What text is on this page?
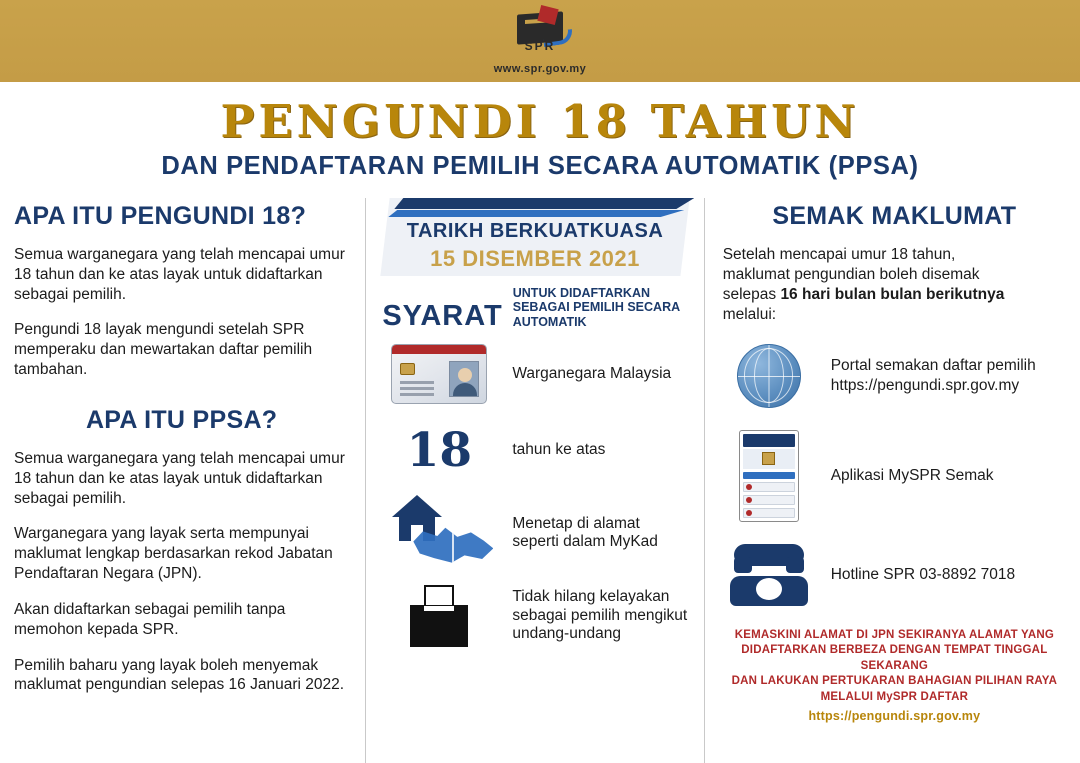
SPR
www.spr.gov.my
PENGUNDI 18 TAHUN
DAN PENDAFTARAN PEMILIH SECARA AUTOMATIK (PPSA)
APA ITU PENGUNDI 18?

Semua warganegara yang telah mencapai umur 18 tahun dan ke atas layak untuk didaftarkan sebagai pemilih.

Pengundi 18 layak mengundi setelah SPR memperaku dan mewartakan daftar pemilih tambahan.

APA ITU PPSA?

Semua warganegara yang telah mencapai umur 18 tahun dan ke atas layak untuk didaftarkan sebagai pemilih.

Warganegara yang layak serta mempunyai maklumat lengkap berdasarkan rekod Jabatan Pendaftaran Negara (JPN).

Akan didaftarkan sebagai pemilih tanpa memohon kepada SPR.

Pemilih baharu yang layak boleh menyemak maklumat pengundian selepas 16 Januari 2022.

TARIKH BERKUATKUASA
15 DISEMBER 2021
SYARAT
UNTUK DIDAFTARKAN SEBAGAI PEMILIH SECARA AUTOMATIK
Warganegara Malaysia
18	tahun ke atas
Menetap di alamat seperti dalam MyKad
Tidak hilang kelayakan sebagai pemilih mengikut undang-undang
SEMAK MAKLUMAT
Setelah mencapai umur 18 tahun,
maklumat pengundian boleh disemak
selepas 16 hari bulan bulan berikutnya
melalui:
Portal semakan daftar pemilih
https://pengundi.spr.gov.my
Aplikasi MySPR Semak
Hotline SPR 03-8892 7018
KEMASKINI ALAMAT DI JPN SEKIRANYA ALAMAT YANG
DIDAFTARKAN BERBEZA DENGAN TEMPAT TINGGAL SEKARANG
DAN LAKUKAN PERTUKARAN BAHAGIAN PILIHAN RAYA
MELALUI MySPR DAFTAR
https://pengundi.spr.gov.my
